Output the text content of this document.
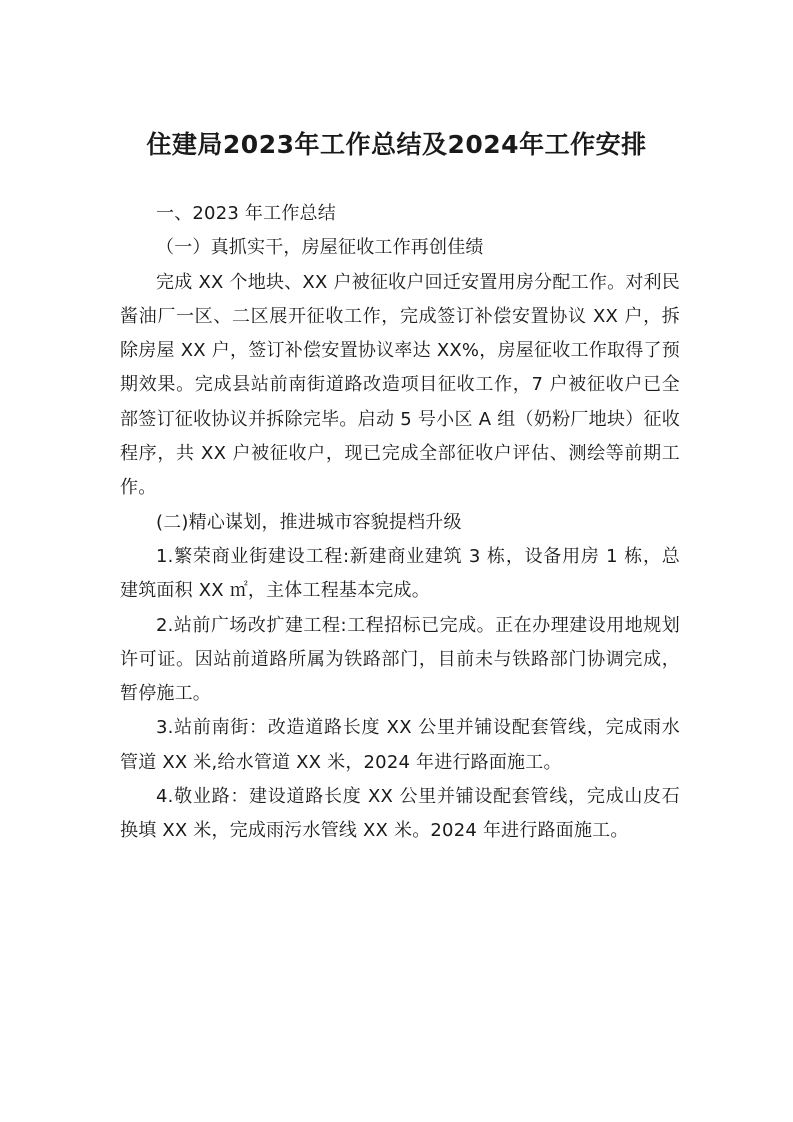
住建局2023年工作总结及2024年工作安排

一、2023 年工作总结

（一）真抓实干，房屋征收工作再创佳绩

完成 XX 个地块、XX 户被征收户回迁安置用房分配工作。对利民酱油厂一区、二区展开征收工作，完成签订补偿安置协议 XX 户，拆除房屋 XX 户，签订补偿安置协议率达 XX%，房屋征收工作取得了预期效果。完成县站前南街道路改造项目征收工作，7 户被征收户已全部签订征收协议并拆除完毕。启动 5 号小区 A 组（奶粉厂地块）征收程序，共 XX 户被征收户，现已完成全部征收户评估、测绘等前期工作。

(二)精心谋划，推进城市容貌提档升级

1.繁荣商业街建设工程:新建商业建筑 3 栋，设备用房 1 栋，总建筑面积 XX ㎡，主体工程基本完成。

2.站前广场改扩建工程:工程招标已完成。正在办理建设用地规划许可证。因站前道路所属为铁路部门，目前未与铁路部门协调完成，暂停施工。

3.站前南街：改造道路长度 XX 公里并铺设配套管线，完成雨水管道 XX 米,给水管道 XX 米，2024 年进行路面施工。

4.敬业路：建设道路长度 XX 公里并铺设配套管线，完成山皮石换填 XX 米，完成雨污水管线 XX 米。2024 年进行路面施工。
